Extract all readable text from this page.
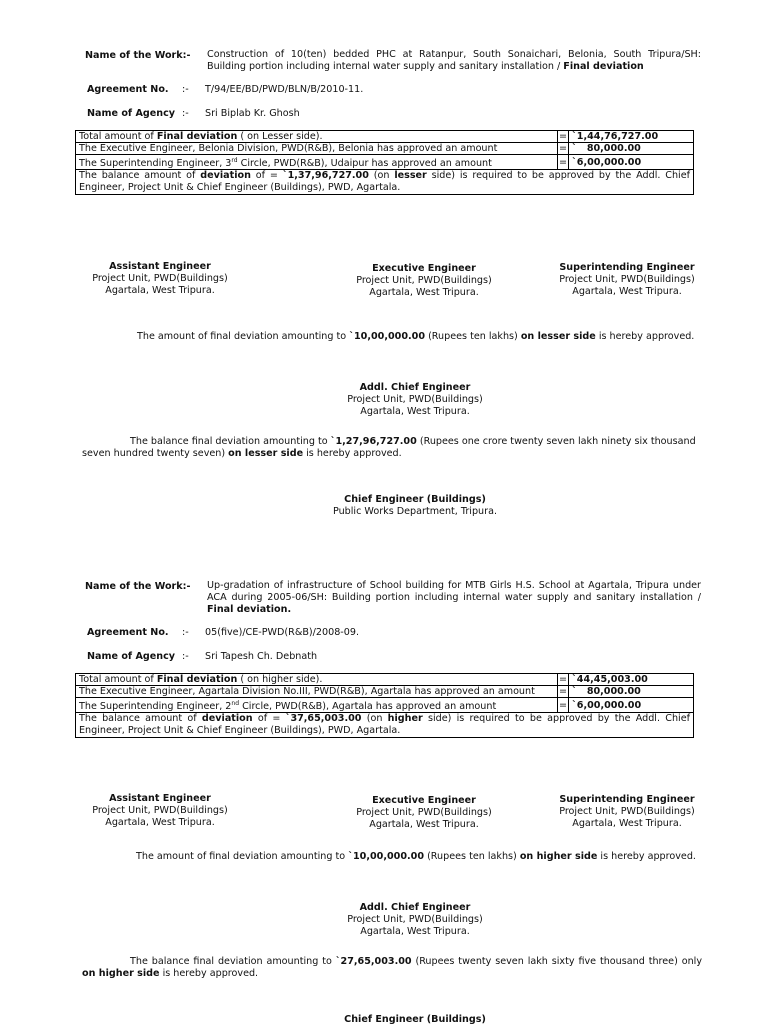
Name of the Work:- Construction of 10(ten) bedded PHC at Ratanpur, South Sonaichari, Belonia, South Tripura/SH: Building portion including internal water supply and sanitary installation / Final deviation
Agreement No. :- T/94/EE/BD/PWD/BLN/B/2010-11.
Name of Agency :- Sri Biplab Kr. Ghosh
Total amount of Final deviation ( on Lesser side).	=	`1,44,76,727.00
The Executive Engineer, Belonia Division, PWD(R&B), Belonia has approved an amount	=	`   80,000.00
The Superintending Engineer, 3rd Circle, PWD(R&B), Udaipur has approved an amount	=	`6,00,000.00
The balance amount of deviation of = `1,37,96,727.00 (on lesser side) is required to be approved by the Addl. Chief Engineer, Project Unit & Chief Engineer (Buildings), PWD, Agartala.		
Assistant Engineer
Project Unit, PWD(Buildings)
Agartala, West Tripura.
Executive Engineer
Project Unit, PWD(Buildings)
Agartala, West Tripura.
Superintending Engineer
Project Unit, PWD(Buildings)
Agartala, West Tripura.
The amount of final deviation amounting to `10,00,000.00 (Rupees ten lakhs) on lesser side is hereby approved.
Addl. Chief Engineer
Project Unit, PWD(Buildings)
Agartala, West Tripura.
The balance final deviation amounting to `1,27,96,727.00 (Rupees one crore twenty seven lakh ninety six thousand seven hundred twenty seven) on lesser side is hereby approved.
Chief Engineer (Buildings)
Public Works Department, Tripura.
Name of the Work:- Up-gradation of infrastructure of School building for MTB Girls H.S. School at Agartala, Tripura under ACA during 2005-06/SH: Building portion including internal water supply and sanitary installation / Final deviation.
Agreement No. :- 05(five)/CE-PWD(R&B)/2008-09.
Name of Agency :- Sri Tapesh Ch. Debnath
Total amount of Final deviation ( on higher side).	=	`44,45,003.00
The Executive Engineer, Agartala Division No.III, PWD(R&B), Agartala has approved an amount	=	`   80,000.00
The Superintending Engineer, 2nd Circle, PWD(R&B), Agartala has approved an amount	=	`6,00,000.00
The balance amount of deviation of = `37,65,003.00 (on higher side) is required to be approved by the Addl. Chief Engineer, Project Unit & Chief Engineer (Buildings), PWD, Agartala.		
Assistant Engineer
Project Unit, PWD(Buildings)
Agartala, West Tripura.
Executive Engineer
Project Unit, PWD(Buildings)
Agartala, West Tripura.
Superintending Engineer
Project Unit, PWD(Buildings)
Agartala, West Tripura.
The amount of final deviation amounting to `10,00,000.00 (Rupees ten lakhs) on higher side is hereby approved.
Addl. Chief Engineer
Project Unit, PWD(Buildings)
Agartala, West Tripura.
The balance final deviation amounting to `27,65,003.00 (Rupees twenty seven lakh sixty five thousand three) only on higher side is hereby approved.
Chief Engineer (Buildings)
